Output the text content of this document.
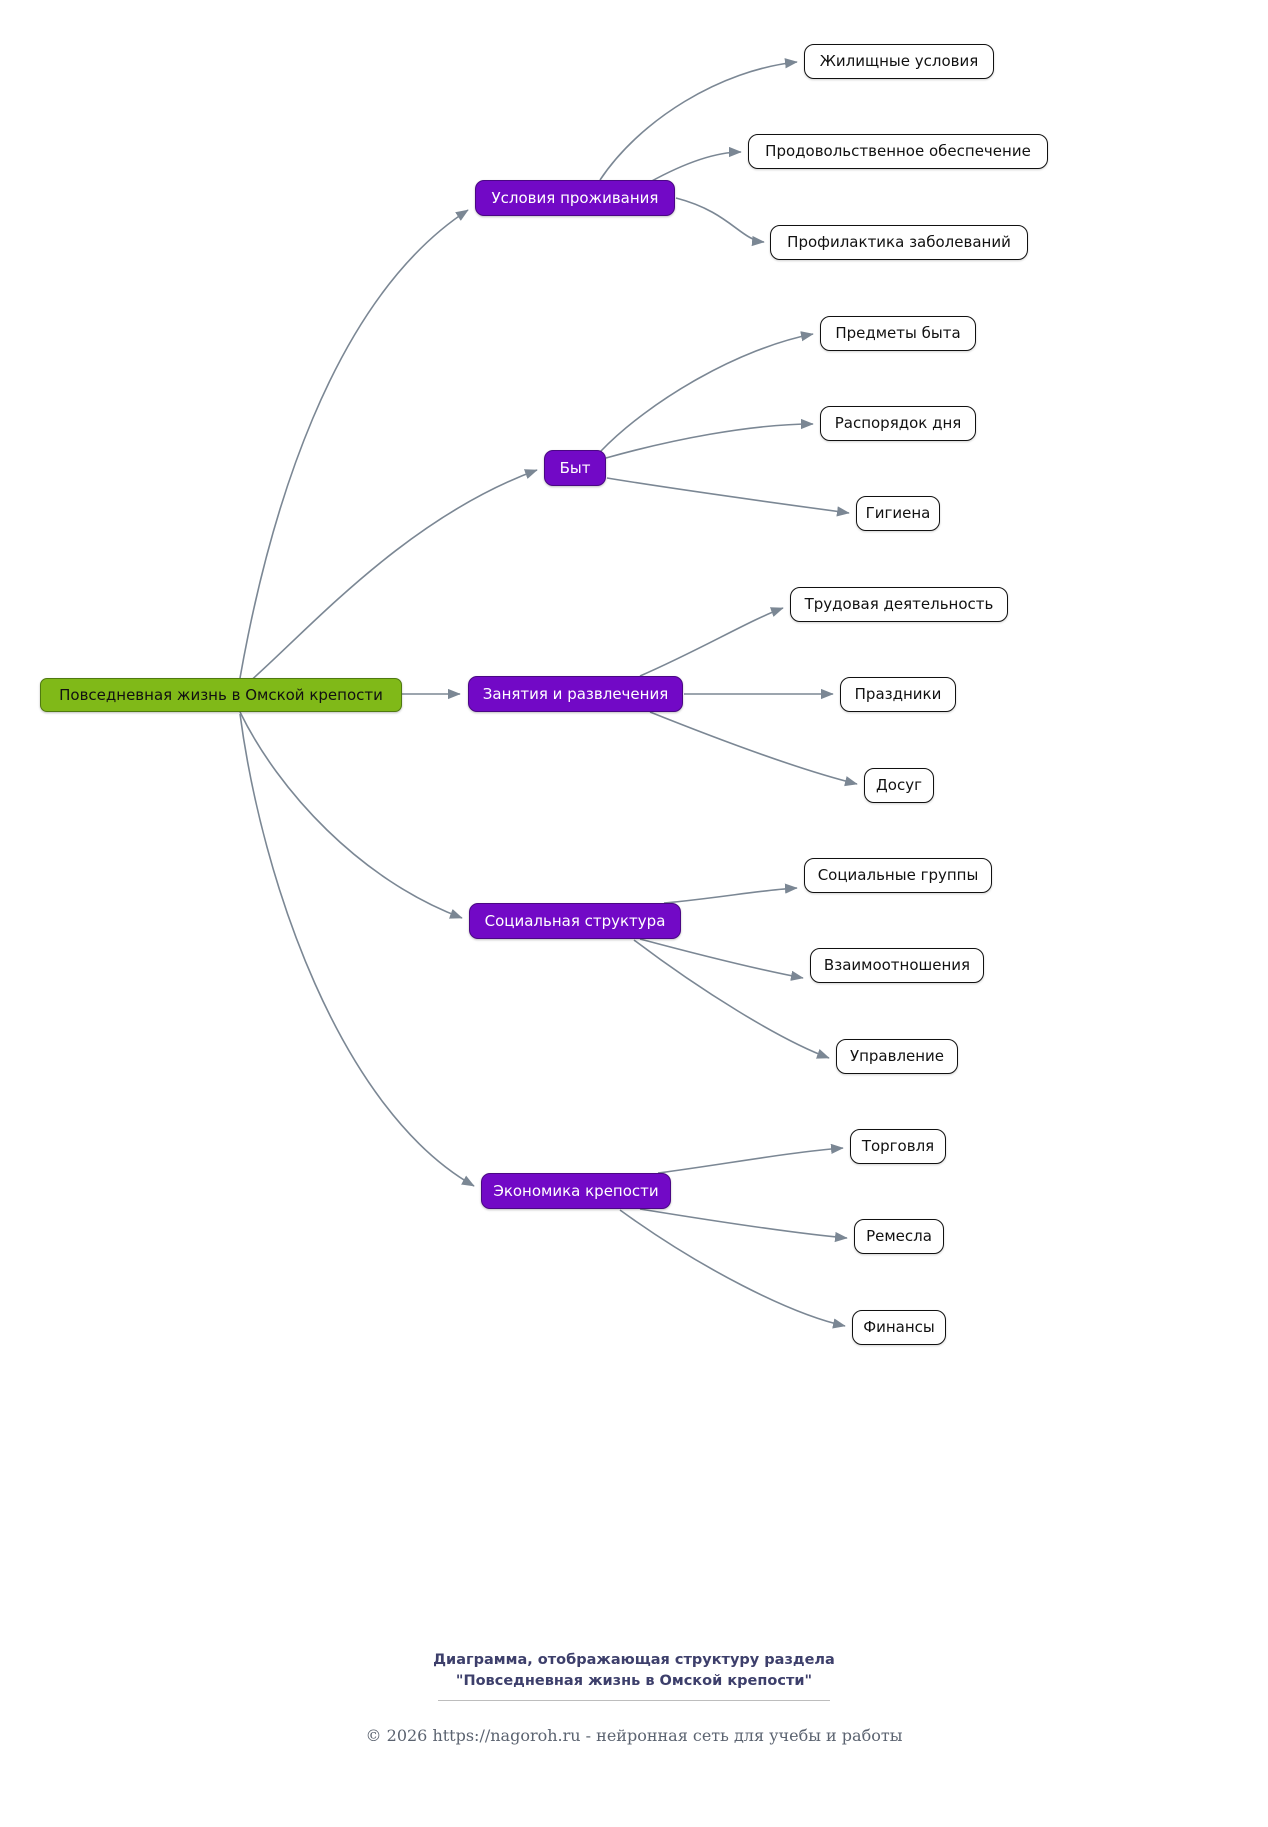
Повседневная жизнь в Омской крепости
Условия проживания
Жилищные условия
Продовольственное обеспечение
Профилактика заболеваний
Быт
Предметы быта
Распорядок дня
Гигиена
Занятия и развлечения
Трудовая деятельность
Праздники
Досуг
Социальная структура
Социальные группы
Взаимоотношения
Управление
Экономика крепости
Торговля
Ремесла
Финансы
Диаграмма, отображающая структуру раздела
"Повседневная жизнь в Омской крепости"
© 2026 https://nagoroh.ru - нейронная сеть для учебы и работы
